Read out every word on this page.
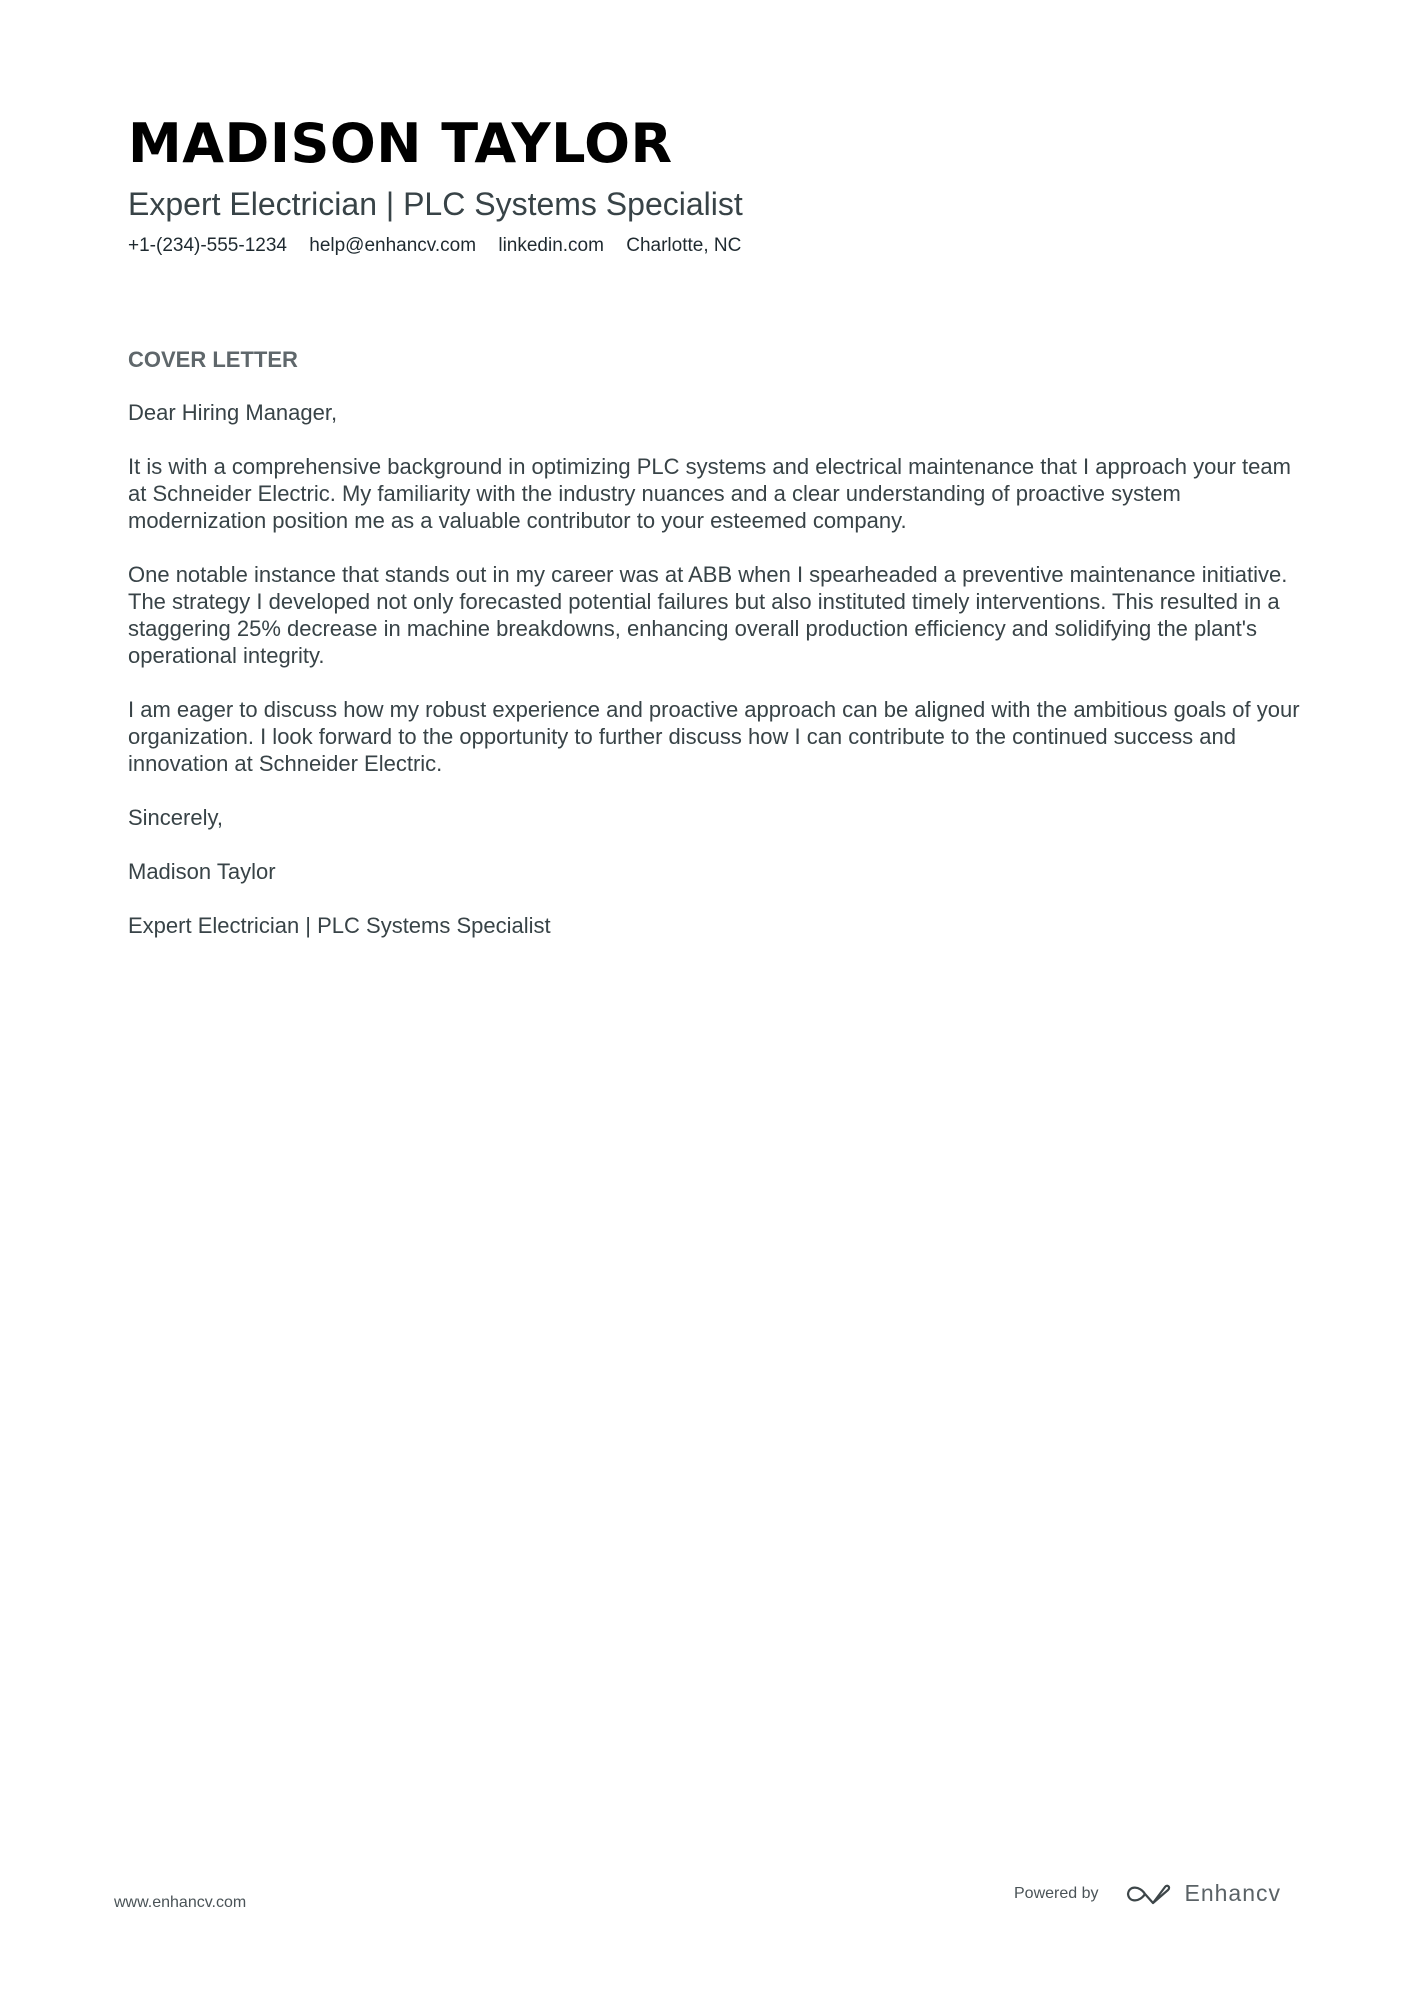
MADISON TAYLOR
Expert Electrician | PLC Systems Specialist
+1-(234)-555-1234 help@enhancv.com linkedin.com Charlotte, NC
COVER LETTER

Dear Hiring Manager,

It is with a comprehensive background in optimizing PLC systems and electrical maintenance that I approach your team at Schneider Electric. My familiarity with the industry nuances and a clear understanding of proactive system modernization position me as a valuable contributor to your esteemed company.

One notable instance that stands out in my career was at ABB when I spearheaded a preventive maintenance initiative. The strategy I developed not only forecasted potential failures but also instituted timely interventions. This resulted in a staggering 25% decrease in machine breakdowns, enhancing overall production efficiency and solidifying the plant's operational integrity.

I am eager to discuss how my robust experience and proactive approach can be aligned with the ambitious goals of your organization. I look forward to the opportunity to further discuss how I can contribute to the continued success and innovation at Schneider Electric.

Sincerely,

Madison Taylor

Expert Electrician | PLC Systems Specialist

www.enhancv.com
Powered by	Enhancv
